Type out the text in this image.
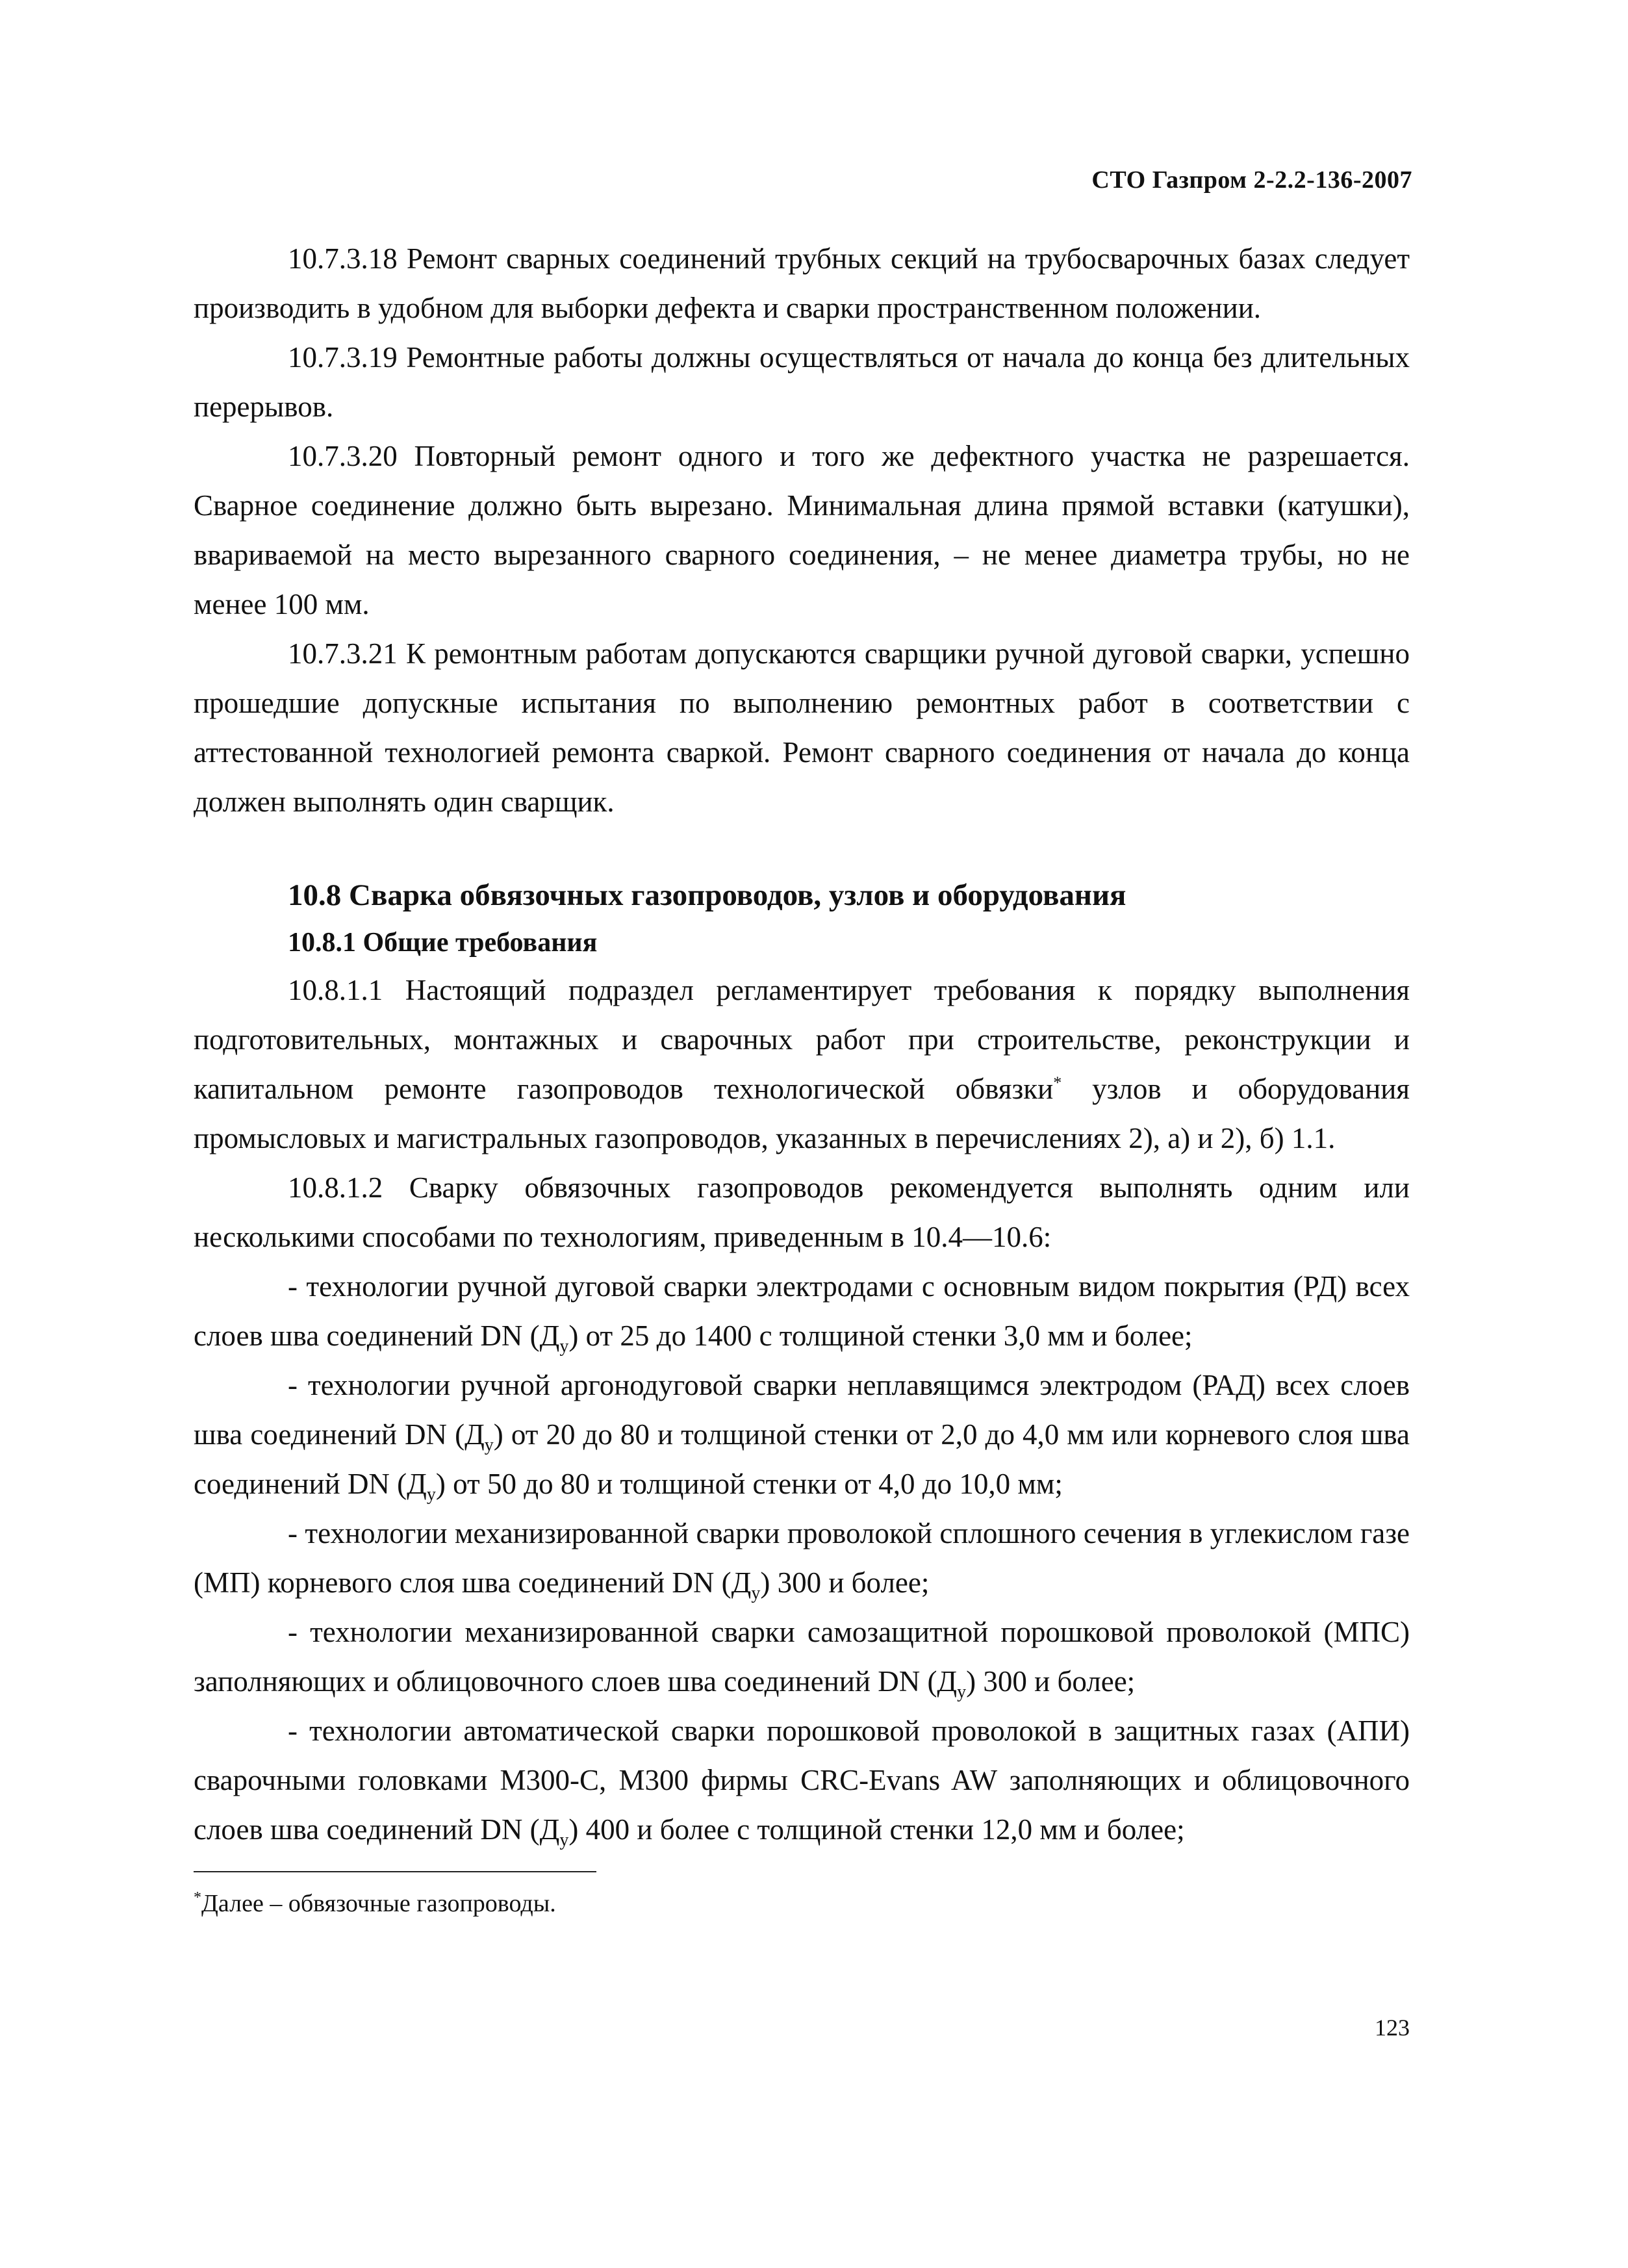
СТО Газпром 2-2.2-136-2007

10.7.3.18 Ремонт сварных соединений трубных секций на трубосварочных базах следует производить в удобном для выборки дефекта и сварки пространственном положении.

10.7.3.19 Ремонтные работы должны осуществляться от начала до конца без длительных перерывов.

10.7.3.20 Повторный ремонт одного и того же дефектного участка не разрешается. Сварное соединение должно быть вырезано. Минимальная длина прямой вставки (катушки), ввариваемой на место вырезанного сварного соединения, – не менее диаметра трубы, но не менее 100 мм.

10.7.3.21 К ремонтным работам допускаются сварщики ручной дуговой сварки, успешно прошедшие допускные испытания по выполнению ремонтных работ в соответствии с аттестованной технологией ремонта сваркой. Ремонт сварного соединения от начала до конца должен выполнять один сварщик.

10.8 Сварка обвязочных газопроводов, узлов и оборудования
10.8.1 Общие требования

10.8.1.1 Настоящий подраздел регламентирует требования к порядку выполнения подготовительных, монтажных и сварочных работ при строительстве, реконструкции и капитальном ремонте газопроводов технологической обвязки* узлов и оборудования промысловых и магистральных газопроводов, указанных в перечислениях 2), а) и 2), б) 1.1.

10.8.1.2 Сварку обвязочных газопроводов рекомендуется выполнять одним или несколькими способами по технологиям, приведенным в 10.4—10.6:

- технологии ручной дуговой сварки электродами с основным видом покрытия (РД) всех слоев шва соединений DN $(Д_у)$ от 25 до 1400 с толщиной стенки 3,0 мм и более;

- технологии ручной аргонодуговой сварки неплавящимся электродом (РАД) всех слоев шва соединений DN $(Д_у)$ от 20 до 80 и толщиной стенки от 2,0 до 4,0 мм или корневого слоя шва соединений DN $(Д_у)$ от 50 до 80 и толщиной стенки от 4,0 до 10,0 мм;

- технологии механизированной сварки проволокой сплошного сечения в углекислом газе (МП) корневого слоя шва соединений DN $(Д_у)$ 300 и более;

- технологии механизированной сварки самозащитной порошковой проволокой (МПС) заполняющих и облицовочного слоев шва соединений DN $(Д_у)$ 300 и более;

- технологии автоматической сварки порошковой проволокой в защитных газах (АПИ) сварочными головками М300-С, М300 фирмы CRC-Evans AW заполняющих и облицовочного слоев шва соединений DN $(Д_у)$ 400 и более с толщиной стенки 12,0 мм и более;

*Далее – обвязочные газопроводы.
123
